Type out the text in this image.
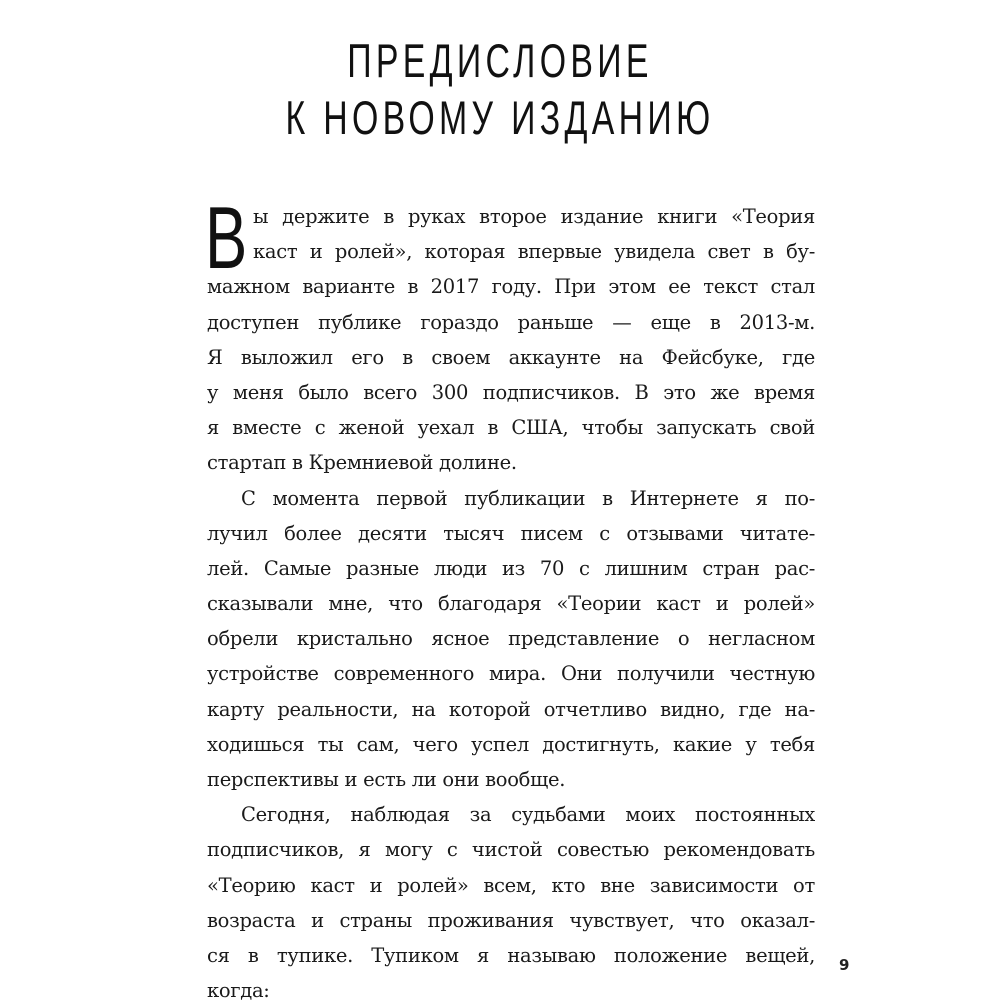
ПРЕДИСЛОВИЕ
К НОВОМУ ИЗДАНИЮ
В ы держите в руках второе издание книги «Теория
каст и ролей», которая впервые увидела свет в бу-
мажном варианте в 2017 году. При этом ее текст стал
доступен публике гораздо раньше — еще в 2013-м.
Я выложил его в своем аккаунте на Фейсбуке, где
у меня было всего 300 подписчиков. В это же время
я вместе с женой уехал в США, чтобы запускать свой
стартап в Кремниевой долине.
С момента первой публикации в Интернете я по-
лучил более десяти тысяч писем с отзывами читате-
лей. Самые разные люди из 70 с лишним стран рас-
сказывали мне, что благодаря «Теории каст и ролей»
обрели кристально ясное представление о негласном
устройстве современного мира. Они получили честную
карту реальности, на которой отчетливо видно, где на-
ходишься ты сам, чего успел достигнуть, какие у тебя
перспективы и есть ли они вообще.
Сегодня, наблюдая за судьбами моих постоянных
подписчиков, я могу с чистой совестью рекомендовать
«Теорию каст и ролей» всем, кто вне зависимости от
возраста и страны проживания чувствует, что оказал-
ся в тупике. Тупиком я называю положение вещей,
когда:
9
